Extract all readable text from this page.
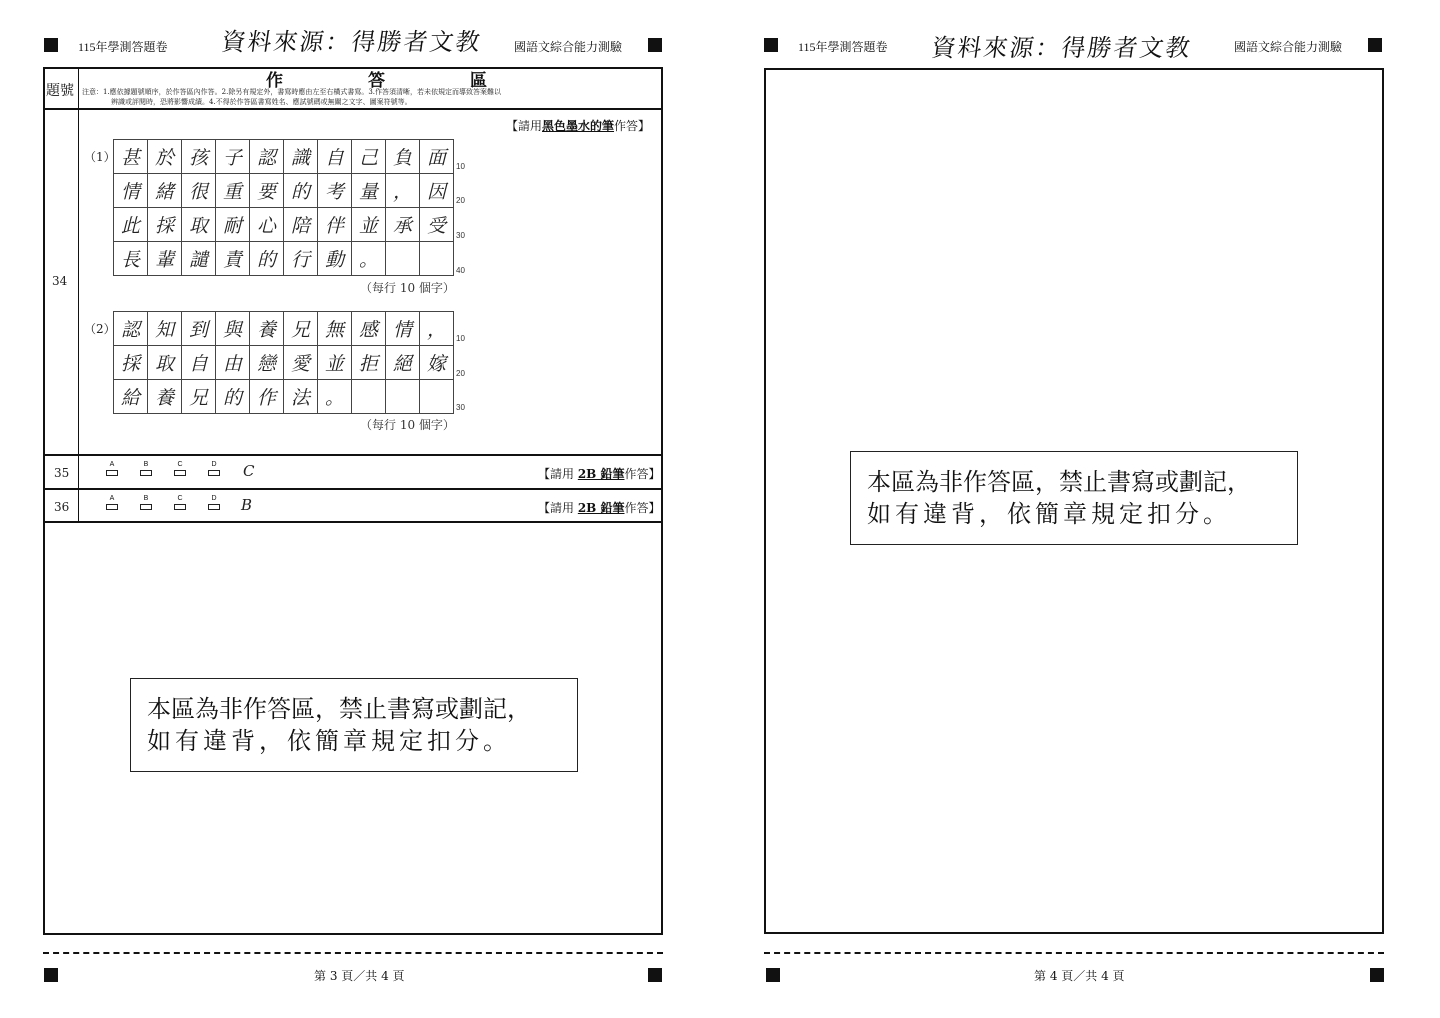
115年學測答題卷 資料來源：得勝者文教	國語文綜合能力測驗
題號	作　答　區
注意：1.應依據題號順序，於作答區內作答。2.除另有規定外，書寫時應由左至右橫式書寫。3.作答須清晰，若未依規定而導致答案難以
辨識或評閱時，恐將影響成績。4.不得於作答區書寫姓名、應試號碼或無關之文字、圖案符號等。
34
【請用黑色墨水的筆作答】
（1） 甚	於	孩	子	認	識	自	己	負	面
情	緒	很	重	要	的	考	量	，	因
此	採	取	耐	心	陪	伴	並	承	受
長	輩	譴	責	的	行	動	。		
10
20
30
40
（每行 10 個字）
（2） 認	知	到	與	養	兄	無	感	情	，
採	取	自	由	戀	愛	並	拒	絕	嫁
給	養	兄	的	作	法	。			
10
20
30
（每行 10 個字）
35
A	B	C	D C	【請用 2B 鉛筆作答】
36
A	B	C	D B	【請用 2B 鉛筆作答】
本區為非作答區，禁止書寫或劃記，
如有違背，依簡章規定扣分。
第 3 頁／共 4 頁
115年學測答題卷 資料來源：得勝者文教	國語文綜合能力測驗
本區為非作答區，禁止書寫或劃記，
如有違背，依簡章規定扣分。
第 4 頁／共 4 頁
